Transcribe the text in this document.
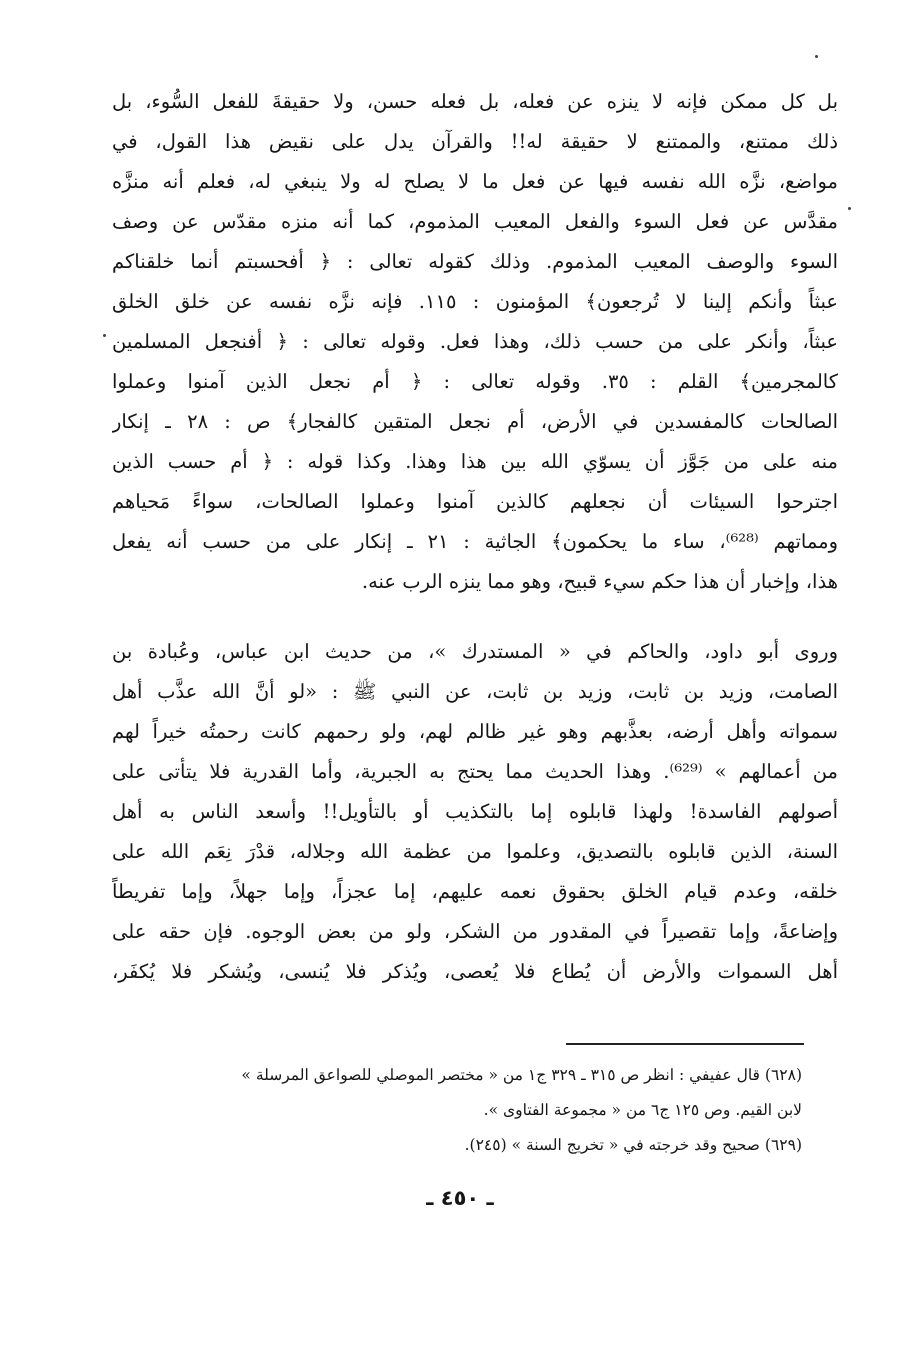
بل كل ممكن فإنه لا ينزه عن فعله، بل فعله حسن، ولا حقيقةَ للفعل السُّوء، بل
ذلك ممتنع، والممتنع لا حقيقة له!! والقرآن يدل على نقيض هذا القول، في
مواضع، نزَّه الله نفسه فيها عن فعل ما لا يصلح له ولا ينبغي له، فعلم أنه منزَّه
مقدَّس عن فعل السوء والفعل المعيب المذموم، كما أنه منزه مقدّس عن وصف
السوء والوصف المعيب المذموم. وذلك كقوله تعالى : ﴿ أفحسبتم أنما خلقناكم
عبثاً وأنكم إلينا لا تُرجعون﴾ المؤمنون : ١١٥. فإنه نزَّه نفسه عن خلق الخلق
عبثاً، وأنكر على من حسب ذلك، وهذا فعل. وقوله تعالى : ﴿ أفنجعل المسلمين
كالمجرمين﴾ القلم : ٣٥. وقوله تعالى : ﴿ أم نجعل الذين آمنوا وعملوا
الصالحات كالمفسدين في الأرض، أم نجعل المتقين كالفجار﴾ ص : ٢٨ ـ إنكار
منه على من جَوَّز أن يسوّي الله بين هذا وهذا. وكذا قوله : ﴿ أم حسب الذين
اجترحوا السيئات أن نجعلهم كالذين آمنوا وعملوا الصالحات، سواءً مَحياهم
ومماتهم ⁽⁶²⁸⁾، ساء ما يحكمون﴾ الجاثية : ٢١ ـ إنكار على من حسب أنه يفعل
هذا، وإخبار أن هذا حكم سيء قبيح، وهو مما ينزه الرب عنه.
وروى أبو داود، والحاكم في « المستدرك »، من حديث ابن عباس، وعُبادة بن
الصامت، وزيد بن ثابت، وزيد بن ثابت، عن النبي ﷺ : «لو أنَّ الله عذَّب أهل
سمواته وأهل أرضه، بعذَّبهم وهو غير ظالم لهم، ولو رحمهم كانت رحمتُه خيراً لهم
من أعمالهم » ⁽⁶²⁹⁾. وهذا الحديث مما يحتج به الجبرية، وأما القدرية فلا يتأتى على
أصولهم الفاسدة! ولهذا قابلوه إما بالتكذيب أو بالتأويل!! وأسعد الناس به أهل
السنة، الذين قابلوه بالتصديق، وعلموا من عظمة الله وجلاله، قدْرَ نِعَم الله على
خلقه، وعدم قيام الخلق بحقوق نعمه عليهم، إما عجزاً، وإما جهلاً، وإما تفريطاً
وإضاعةً، وإما تقصيراً في المقدور من الشكر، ولو من بعض الوجوه. فإن حقه على
أهل السموات والأرض أن يُطاع فلا يُعصى، ويُذكر فلا يُنسى، ويُشكر فلا يُكفَر،
(٦٢٨) قال عفيفي : انظر ص ٣١٥ ـ ٣٢٩ ج١ من « مختصر الموصلي للصواعق المرسلة »
لابن القيم. وص ١٢٥ ج٦ من « مجموعة الفتاوى ».
(٦٢٩) صحيح وقد خرجته في « تخريج السنة » (٢٤٥).
ـ ٤٥٠ ـ
